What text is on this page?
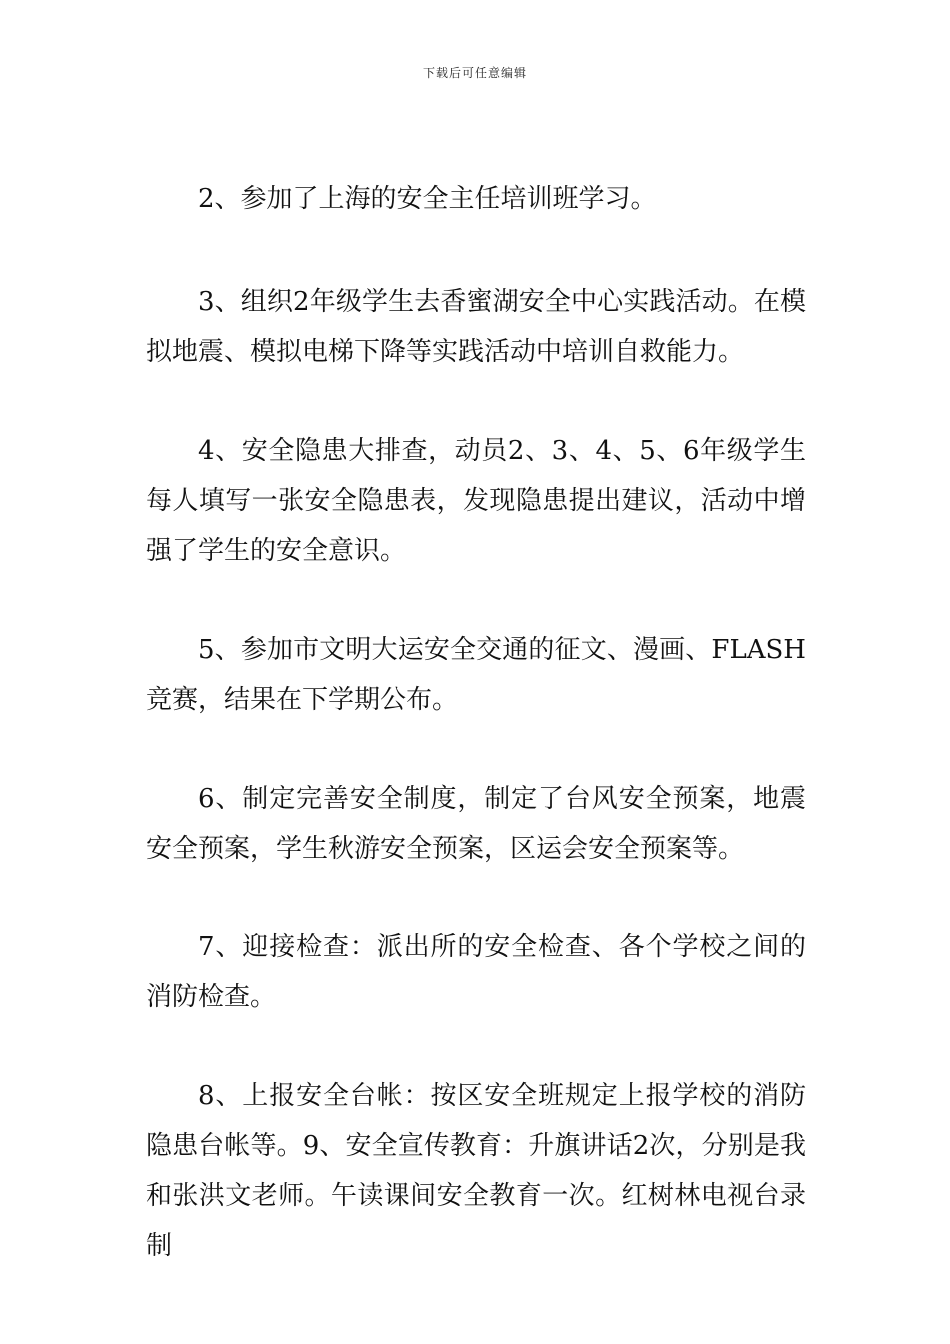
下载后可任意编辑

2、参加了上海的安全主任培训班学习。

3、组织2年级学生去香蜜湖安全中心实践活动。在模拟地震、模拟电梯下降等实践活动中培训自救能力。

4、安全隐患大排查，动员2、3、4、5、6年级学生每人填写一张安全隐患表，发现隐患提出建议，活动中增强了学生的安全意识。

5、参加市文明大运安全交通的征文、漫画、FLASH竞赛，结果在下学期公布。

6、制定完善安全制度，制定了台风安全预案，地震安全预案，学生秋游安全预案，区运会安全预案等。

7、迎接检查：派出所的安全检查、各个学校之间的消防检查。

8、上报安全台帐：按区安全班规定上报学校的消防隐患台帐等。9、安全宣传教育：升旗讲话2次，分别是我和张洪文老师。午读课间安全教育一次。红树林电视台录制
